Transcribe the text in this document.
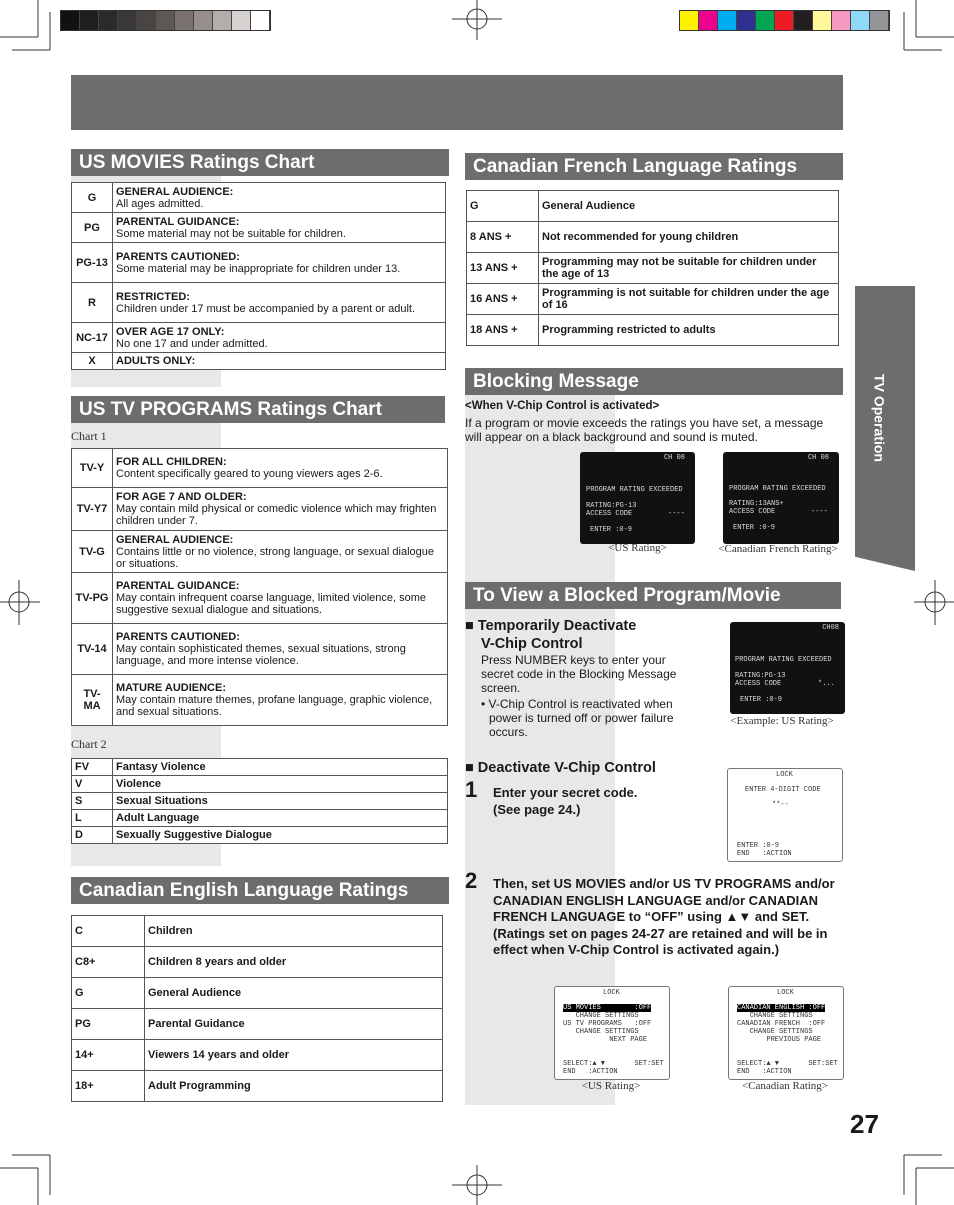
TV Operation
US MOVIES Ratings Chart
G	GENERAL AUDIENCE:
All ages admitted.
PG	PARENTAL GUIDANCE:
Some material may not be suitable for children.
PG-13	PARENTS CAUTIONED:
Some material may be inappropriate for children under 13.
R	RESTRICTED:
Children under 17 must be accompanied by a parent or adult.
NC-17	OVER AGE 17 ONLY:
No one 17 and under admitted.
X	ADULTS ONLY:
US TV PROGRAMS Ratings Chart
Chart 1
TV-Y	FOR ALL CHILDREN:
Content specifically geared to young viewers ages 2-6.
TV-Y7	FOR AGE 7 AND OLDER:
May contain mild physical or comedic violence which may frighten children under 7.
TV-G	GENERAL AUDIENCE:
Contains little or no violence, strong language, or sexual dialogue or situations.
TV-PG	PARENTAL GUIDANCE:
May contain infrequent coarse language, limited violence, some suggestive sexual dialogue and situations.
TV-14	PARENTS CAUTIONED:
May contain sophisticated themes, sexual situations, strong language, and more intense violence.
TV-MA	MATURE AUDIENCE:
May contain mature themes, profane language, graphic violence, and sexual situations.
Chart 2
FV	Fantasy Violence
V	Violence
S	Sexual Situations
L	Adult Language
D	Sexually Suggestive Dialogue
Canadian English Language Ratings
C	Children
C8+	Children 8 years and older
G	General Audience
PG	Parental Guidance
14+	Viewers 14 years and older
18+	Adult Programming
Canadian French Language Ratings
G	General Audience
8 ANS +	Not recommended for young children
13 ANS +	Programming may not be suitable for children under the age of 13
16 ANS +	Programming is not suitable for children under the age of 16
18 ANS +	Programming restricted to adults
Blocking Message
<When V-Chip Control is activated>
If a program or movie exceeds the ratings you have set, a message will appear on a black background and sound is muted.
CH 08
PROGRAM RATING EXCEEDED
RATING:PG-13
ACCESS CODE	----
ENTER :0-9
<US Rating>
CH 08
PROGRAM RATING EXCEEDED
RATING:13ANS+
ACCESS CODE	----
ENTER :0-9
<Canadian French Rating>
To View a Blocked Program/Movie
■ Temporarily Deactivate
V-Chip Control
Press NUMBER keys to enter your secret code in the Blocking Message screen.
• V-Chip Control is reactivated when power is turned off or power failure occurs.
CH08
PROGRAM RATING EXCEEDED
RATING:PG-13
ACCESS CODE	*...
ENTER :0-9
<Example: US Rating>
■ Deactivate V-Chip Control
1 Enter your secret code.
(See page 24.)
LOCK
ENTER 4-DIGIT CODE
**--
ENTER :0-9
END   :ACTION
2 Then, set US MOVIES and/or US TV PROGRAMS and/or CANADIAN ENGLISH LANGUAGE and/or CANADIAN FRENCH LANGUAGE to “OFF” using ▲▼ and SET. (Ratings set on pages 24-27 are retained and will be in effect when V-Chip Control is activated again.)
LOCK
US MOVIES        :OFF
CHANGE SETTINGS
US TV PROGRAMS   :OFF
CHANGE SETTINGS
NEXT PAGE
SELECT:▲ ▼       SET:SET
END   :ACTION
<US Rating>
LOCK
CANADIAN ENGLISH :OFF
CHANGE SETTINGS
CANADIAN FRENCH  :OFF
CHANGE SETTINGS
PREVIOUS PAGE
SELECT:▲ ▼       SET:SET
END   :ACTION
<Canadian Rating>
27
